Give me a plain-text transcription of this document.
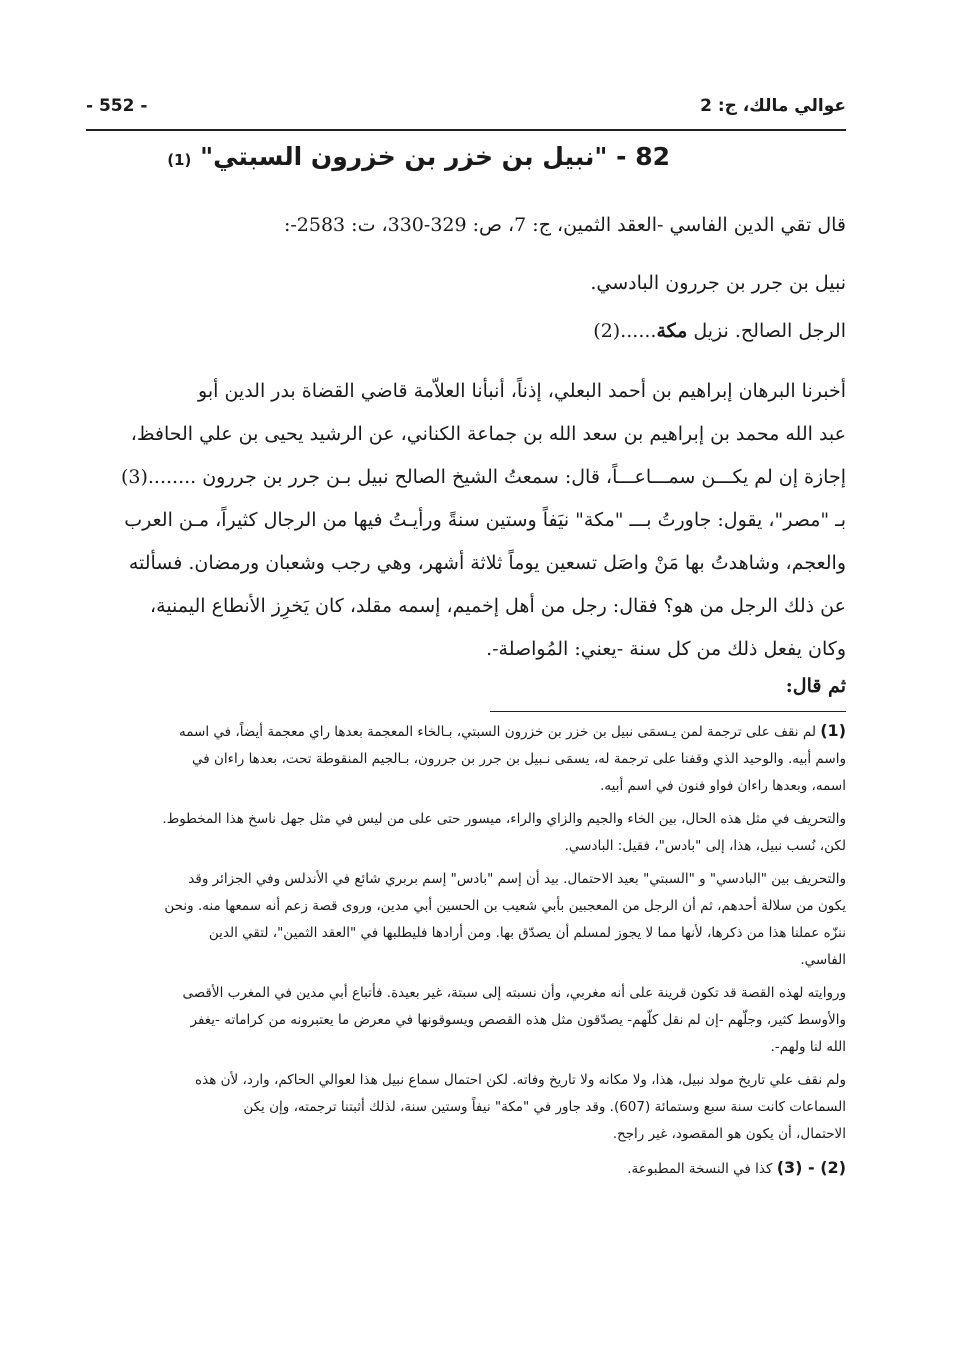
- 552 -	عوالي مالك، ج: 2
82 - "نبيل بن خزر بن خزرون السبتي" (1)
قال تقي الدين الفاسي -العقد الثمين، ج: 7، ص: 329-330، ت: 2583-:
نبيل بن جرر بن جررون البادسي.
الرجل الصالح. نزيل مكة......(2)
أخبرنا البرهان إبراهيم بن أحمد البعلي، إذناً، أنبأنا العلاّمة قاضي القضاة بدر الدين أبو
عبد الله محمد بن إبراهيم بن سعد الله بن جماعة الكناني، عن الرشيد يحيى بن علي الحافظ،
إجازة إن لم يكـــن سمـــاعـــاً، قال: سمعتُ الشيخ الصالح نبيل بـن جرر بن جررون ........(3)
بـ "مصر"، يقول: جاورتُ بـــ "مكة" نيَفاً وستين سنةً ورأيـتُ فيها من الرجال كثيراً، مـن العرب
والعجم، وشاهدتُ بها مَنْ واصَل تسعين يوماً ثلاثة أشهر، وهي رجب وشعبان ورمضان. فسألته
عن ذلك الرجل من هو؟ فقال: رجل من أهل إخميم، إسمه مقلد، كان يَخرِز الأنطاع اليمنية،
وكان يفعل ذلك من كل سنة -يعني: المُواصلة-.
ثم قال:
(1) لم نقف على ترجمة لمن يـسمَى نبيل بن خزر بن خزرون السبتي، بـالخاء المعجمة بعدها راي معجمة أيضاً، في اسمه
واسم أبيه. والوحيد الذي وقفنا على ترجمة له، يسمَى نـبيل بن جرر بن جررون، بـالجيم المنقوطة تحت، بعدها راءان في
اسمه، وبعدها راءان فواو فنون في اسم أبيه.
والتحريف في مثل هذه الحال، بين الخاء والجيم والزاي والراء، ميسور حتى على من ليس في مثل جهل ناسخ هذا المخطوط.
لكن، نُسب نبيل، هذا، إلى "بادس"، فقيل: البادسي.
والتحريف بين "البادسي" و "السبتي" بعيد الاحتمال. بيد أن إسم "بادس" إسم بربري شائع في الأندلس وفي الجزائر وقد
يكون من سلالة أحدهم، ثم أن الرجل من المعجبين بأبي شعيب بن الحسين أبي مدين، وروى قصة زعم أنه سمعها منه. ونحن
ننزّه عملنا هذا من ذكرها، لأنها مما لا يجوز لمسلم أن يصدّق بها. ومن أرادها فليطلبها في "العقد الثمين"، لتقي الدين
الفاسي.
وروايته لهذه القصة قد تكون قرينة على أنه مغربي، وأن نسبته إلى سبتة، غير بعيدة. فأتباع أبي مدين في المغرب الأقصى
والأوسط كثير، وجلّهم -إن لم نقل كلّهم- يصدّقون مثل هذه القصص ويسوقونها في معرض ما يعتبرونه من كراماته -يغفر
الله لنا ولهم-.
ولم نقف علي تاريخ مولد نبيل، هذا، ولا مكانه ولا تاريخ وفاته. لكن احتمال سماع نبيل هذا لعوالي الحاكم، وارد، لأن هذه
السماعات كانت سنة سبع وستمائة (607). وقد جاور في "مكة" نيفاً وستين سنة، لذلك أثبتنا ترجمته، وإن يكن
الاحتمال، أن يكون هو المقصود، غير راجح.
(2) - (3) كذا في النسخة المطبوعة.
